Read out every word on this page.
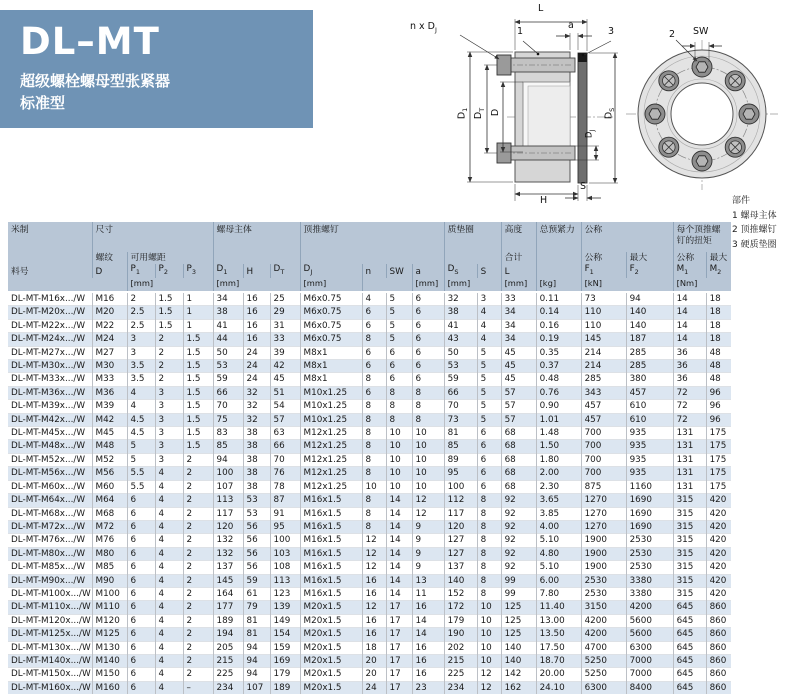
DL–MT
超级螺栓螺母型张紧器
标准型
L
n x $D_J$	1
a
3
$D_1$
$D_T$ D	$D_S$
$D_J$
H
S
2 SW
部件
1 螺母主体
2 顶推螺钉
3 硬质垫圈
米制	尺寸				螺母主体			顶推螺钉				质垫圈		高度	总预紧力	公称		每个顶推螺钉的扭矩	
	螺纹	可用螺距												合计		公称	最大	公称	最大
料号	D	$P_1$	$P_2$	$P_3$	$D_1$	H	$D_T$	$D_J$	n	SW	a	$D_S$	S	L		$F_1$	$F_2$	$M_1$	$M_2$
		[mm]			[mm]			[mm]			[mm]	[mm]		[mm]	[kg]	[kN]		[Nm]	
DL-MT-M16x.../W	M16	2	1.5	1	34	16	25	M6x0.75	4	5	6	32	3	33	0.11	73	94	14	18
DL-MT-M20x.../W	M20	2.5	1.5	1	38	16	29	M6x0.75	6	5	6	38	4	34	0.14	110	140	14	18
DL-MT-M22x.../W	M22	2.5	1.5	1	41	16	31	M6x0.75	6	5	6	41	4	34	0.16	110	140	14	18
DL-MT-M24x.../W	M24	3	2	1.5	44	16	33	M6x0.75	8	5	6	43	4	34	0.19	145	187	14	18
DL-MT-M27x.../W	M27	3	2	1.5	50	24	39	M8x1	6	6	6	50	5	45	0.35	214	285	36	48
DL-MT-M30x.../W	M30	3.5	2	1.5	53	24	42	M8x1	6	6	6	53	5	45	0.37	214	285	36	48
DL-MT-M33x.../W	M33	3.5	2	1.5	59	24	45	M8x1	8	6	6	59	5	45	0.48	285	380	36	48
DL-MT-M36x.../W	M36	4	3	1.5	66	32	51	M10x1.25	6	8	8	66	5	57	0.76	343	457	72	96
DL-MT-M39x.../W	M39	4	3	1.5	70	32	54	M10x1.25	8	8	8	70	5	57	0.90	457	610	72	96
DL-MT-M42x.../W	M42	4.5	3	1.5	75	32	57	M10x1.25	8	8	8	73	5	57	1.01	457	610	72	96
DL-MT-M45x.../W	M45	4.5	3	1.5	83	38	63	M12x1.25	8	10	10	81	6	68	1.48	700	935	131	175
DL-MT-M48x.../W	M48	5	3	1.5	85	38	66	M12x1.25	8	10	10	85	6	68	1.50	700	935	131	175
DL-MT-M52x.../W	M52	5	3	2	94	38	70	M12x1.25	8	10	10	89	6	68	1.80	700	935	131	175
DL-MT-M56x.../W	M56	5.5	4	2	100	38	76	M12x1.25	8	10	10	95	6	68	2.00	700	935	131	175
DL-MT-M60x.../W	M60	5.5	4	2	107	38	78	M12x1.25	10	10	10	100	6	68	2.30	875	1160	131	175
DL-MT-M64x.../W	M64	6	4	2	113	53	87	M16x1.5	8	14	12	112	8	92	3.65	1270	1690	315	420
DL-MT-M68x.../W	M68	6	4	2	117	53	91	M16x1.5	8	14	12	117	8	92	3.85	1270	1690	315	420
DL-MT-M72x.../W	M72	6	4	2	120	56	95	M16x1.5	8	14	9	120	8	92	4.00	1270	1690	315	420
DL-MT-M76x.../W	M76	6	4	2	132	56	100	M16x1.5	12	14	9	127	8	92	5.10	1900	2530	315	420
DL-MT-M80x.../W	M80	6	4	2	132	56	103	M16x1.5	12	14	9	127	8	92	4.80	1900	2530	315	420
DL-MT-M85x.../W	M85	6	4	2	137	56	108	M16x1.5	12	14	9	137	8	92	5.10	1900	2530	315	420
DL-MT-M90x.../W	M90	6	4	2	145	59	113	M16x1.5	16	14	13	140	8	99	6.00	2530	3380	315	420
DL-MT-M100x.../W	M100	6	4	2	164	61	123	M16x1.5	16	14	11	152	8	99	7.80	2530	3380	315	420
DL-MT-M110x.../W	M110	6	4	2	177	79	139	M20x1.5	12	17	16	172	10	125	11.40	3150	4200	645	860
DL-MT-M120x.../W	M120	6	4	2	189	81	149	M20x1.5	16	17	14	179	10	125	13.00	4200	5600	645	860
DL-MT-M125x.../W	M125	6	4	2	194	81	154	M20x1.5	16	17	14	190	10	125	13.50	4200	5600	645	860
DL-MT-M130x.../W	M130	6	4	2	205	94	159	M20x1.5	18	17	16	202	10	140	17.50	4700	6300	645	860
DL-MT-M140x.../W	M140	6	4	2	215	94	169	M20x1.5	20	17	16	215	10	140	18.70	5250	7000	645	860
DL-MT-M150x.../W	M150	6	4	2	225	94	179	M20x1.5	20	17	16	225	12	142	20.00	5250	7000	645	860
DL-MT-M160x.../W	M160	6	4	–	234	107	189	M20x1.5	24	17	23	234	12	162	24.10	6300	8400	645	860
